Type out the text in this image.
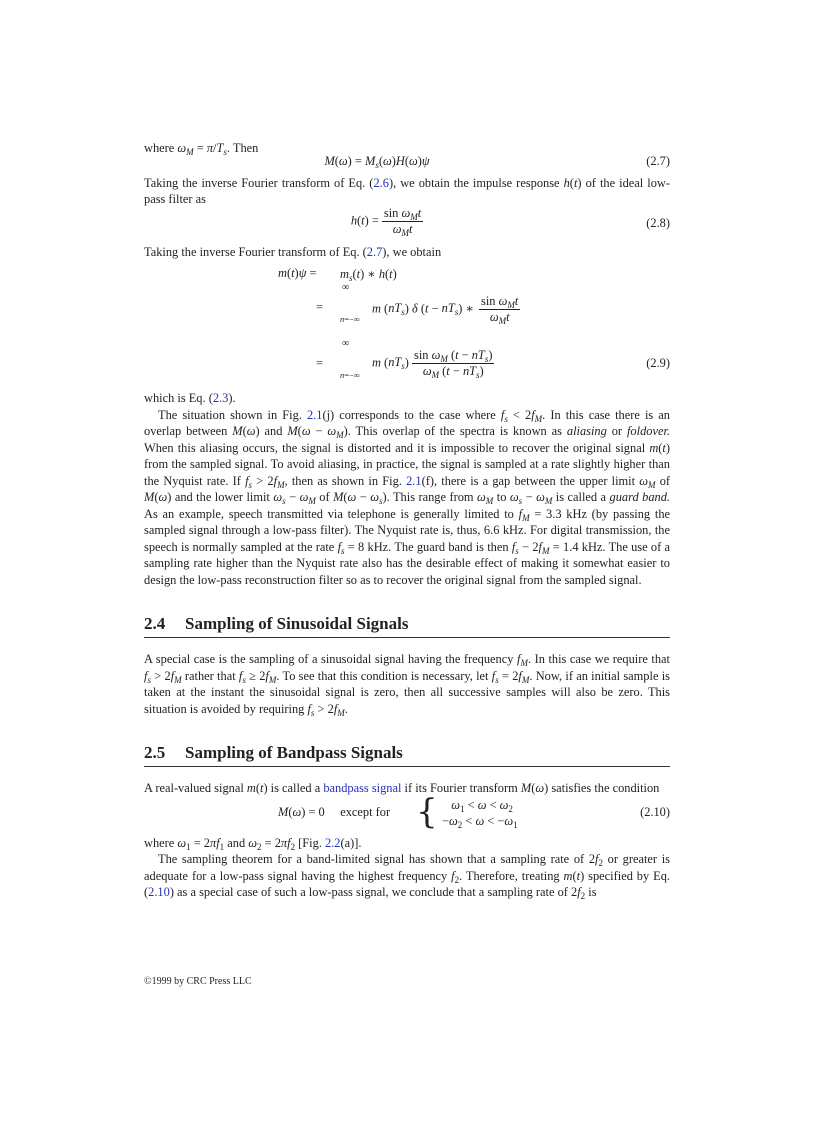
where $\omega_M = \pi/T_s$. Then

$M(\omega) = M_s(\omega)H(\omega)\psi$	(2.7)

Taking the inverse Fourier transform of Eq. (2.6), we obtain the impulse response h(t) of the ideal low-pass filter as

$h(t) = \frac{\sin \omega_Mt}{\omega_Mt}$	(2.8)

Taking the inverse Fourier transform of Eq. (2.7), we obtain

$m(t)\psi = m_s(t)$ ∗ h(t)
=
∞
n=−∞
m $(nT_s)$ δ $(t - nT_s)$ ∗ $\frac{\sin \omega_Mt}{\omega_Mt}$
=
∞
n=−∞
m $(nT_s) \frac{\sin \omega_M (t - nT_s)}{\omega_M (t - nT_s)}$	(2.9)

which is Eq. (2.3).

The situation shown in Fig. 2.1(j) corresponds to the case where $f_s < 2f_M$. In this case there is an overlap between M(ω) and $M(\omega - \omega_M)$. This overlap of the spectra is known as aliasing or foldover. When this aliasing occurs, the signal is distorted and it is impossible to recover the original signal m(t) from the sampled signal. To avoid aliasing, in practice, the signal is sampled at a rate slightly higher than the Nyquist rate. If $f_s > 2f_M$, then as shown in Fig. 2.1(f), there is a gap between the upper limit $\omega_M$ of M(ω) and the lower limit $\omega_s - \omega_M$ of $M(\omega - \omega_s)$. This range from $\omega_M$ to $\omega_s - \omega_M$ is called a guard band. As an example, speech transmitted via telephone is generally limited to $f_M = 3.3$ kHz (by passing the sampled signal through a low-pass filter). The Nyquist rate is, thus, 6.6 kHz. For digital transmission, the speech is normally sampled at the rate $f_s = 8$ kHz. The guard band is then $f_s - 2f_M = 1.4$ kHz. The use of a sampling rate higher than the Nyquist rate also has the desirable effect of making it somewhat easier to design the low-pass reconstruction filter so as to recover the original signal from the sampled signal.

2.4 Sampling of Sinusoidal Signals

A special case is the sampling of a sinusoidal signal having the frequency $f_M$. In this case we require that $f_s > 2f_M$ rather that $f_s \ge 2f_M$. To see that this condition is necessary, let $f_s = 2f_M$. Now, if an initial sample is taken at the instant the sinusoidal signal is zero, then all successive samples will also be zero. This situation is avoided by requiring $f_s > 2f_M$.

2.5 Sampling of Bandpass Signals

A real-valued signal m(t) is called a bandpass signal if its Fourier transform M(ω) satisfies the condition

M(ω) = 0     except for {	$\omega_1 < \omega < \omega_2$
$-\omega_2 < \omega < -\omega_1$
(2.10)

where $\omega_1 = 2\pi f_1$ and $\omega_2 = 2\pi f_2$ [Fig. 2.2(a)].

The sampling theorem for a band-limited signal has shown that a sampling rate of $2f_2$ or greater is adequate for a low-pass signal having the highest frequency $f_2$. Therefore, treating m(t) specified by Eq. (2.10) as a special case of such a low-pass signal, we conclude that a sampling rate of $2f_2$ is

©1999 by CRC Press LLC
